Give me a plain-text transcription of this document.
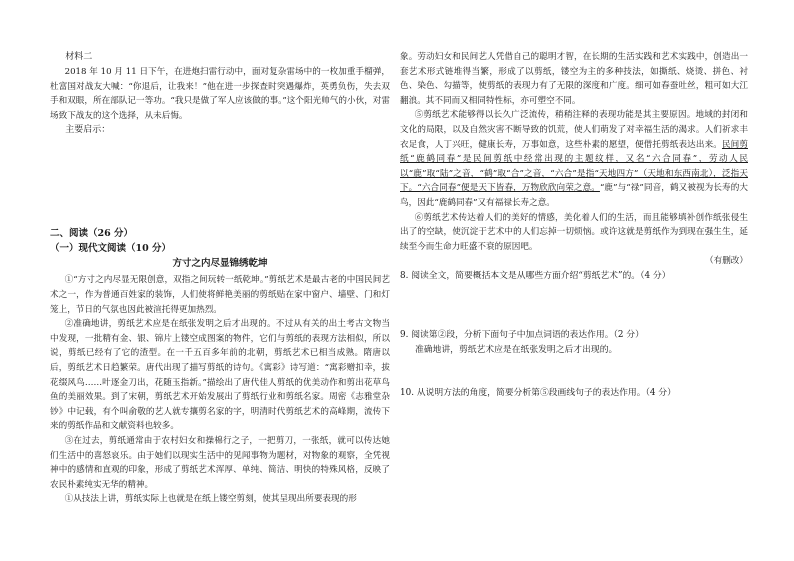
材料二

2018 年 10 月 11 日下午，在进炮扫雷行动中，面对复杂雷场中的一枚加重手榴弹，杜富国对战友大喊：“你退后，让我来！”他在进一步探查时突遇爆炸，英勇负伤，失去双手和双眼，所在部队记一等功。“我只是做了军人应该做的事。”这个阳光帅气的小伙，对雷场致下战友的这个选择，从未后悔。

主要启示：

二、阅读（26 分）

（一）现代文阅读（10 分）

方寸之内尽显锦绣乾坤

①“方寸之内尽显无限创意，双指之间玩转一纸乾坤。”剪纸艺术是最古老的中国民间艺术之一，作为普通百姓家的装饰，人们使将鲜艳美丽的剪纸贴在家中窗户、墙壁、门和灯笼上，节日的气氛也因此被渲托得更加热烈。

②准确地讲，剪纸艺术应是在纸张发明之后才出现的。不过从有关的出土考古文物当中发现，一批精有金、银、锦片上镂空成图案的物件，它们与剪纸的表现方法相似，所以说，剪纸已经有了它的渣型。在一千五百多年前的北朝，剪纸艺术已相当成熟。隋唐以后，剪纸艺术日趋繁荣。唐代出现了描写剪纸的诗句。《寓彩》诗写道：“寓彩赠扣幸，拔花缀风鸟……叶逐金刀出，花随玉指新。”描绘出了唐代佳人剪纸的优美动作和剪出花草鸟鱼的美丽效果。到了宋朝，剪纸艺术开始发展出了剪纸行业和剪纸名家。周密《志雅堂杂钞》中记载，有个叫俞敬的艺人就专攘剪名家的字，明清时代剪纸艺术的高峰期，流传下来的剪纸作品和文献资料也较多。

③在过去，剪纸通常由于农村妇女和操棉行之子，一把剪刀，一张纸，就可以传达她们生活中的喜怒哀乐。由于她们以现实生活中的见闻事物为题材，对物象的观察，全凭视神中的感情和直观的印象，形成了剪纸艺术浑厚、单纯、简洁、明快的特殊风格，反映了农民朴素纯实无华的精神。

①从技法上讲，剪纸实际上也就是在纸上镂空剪刻，使其呈现出所要表现的形

象。劳动妇女和民间艺人凭借自己的聪明才智，在长期的生活实践和艺术实践中，创造出一套艺术形式链堆得当繁，形成了以剪纸，镂空为主的多种技法，如撕纸、烧烫、拼色、衬色、染色、勾描等，使剪纸的表现力有了无限的深度和广度。细可如春蚕吐丝，粗可如大江翻浪。其不同而又相同特性标，亦可塑空不同。

⑤剪纸艺术能够得以长久广泛流传，稍稍注释的表现功能是其主要原因。地域的封闭和文化的局限，以及自然灾害不断导致的饥荒，使人们萌发了对幸福生活的渴求。人们祈求丰衣足食，人丁兴旺，健康长寿，万事如意，这些朴素的愿望，便借托剪纸表达出来。民间剪纸“鹿鹤同春”是民间剪纸中经常出现的主题纹样，又名“六合同春”，劳动人民以“鹿”取“陆”之音，“鹤”取“合”之音，“六合”是指“天地四方”（天地和东西南北），泛指天下。“六合同春”便是天下皆春，万物欣欣向荣之意。“鹿”与“禄”同音，鹤又被视为长寿的大鸟，因此“鹿鹤同春”又有福禄长寿之意。

⑥剪纸艺术传达着人们的美好的情感，美化着人们的生活，而且能够填补创作纸张侵生出了的空缺，使沉淀于艺术中的人们忘掉一切烦恼。或许这就是剪纸作为到现在强生生，延续至今而生命力旺盛不衰的原因吧。

（有删改）

8. 阅读全文，简要概括本文是从哪些方面介绍“剪纸艺术”的。（4 分）

9. 阅读第②段，分析下面句子中加点词语的表达作用。（2 分）

准确地讲，剪纸艺术应是在纸张发明之后才出现的。

10. 从说明方法的角度，简要分析第⑤段画线句子的表达作用。（4 分）
